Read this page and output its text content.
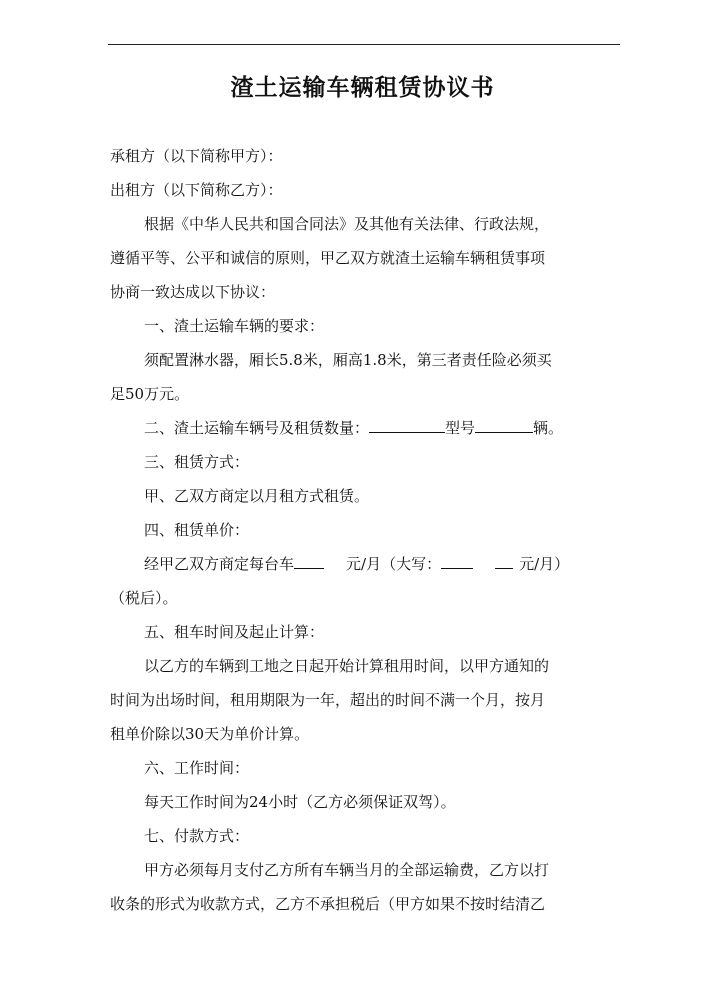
渣土运输车辆租赁协议书
承租方（以下简称甲方）：
出租方（以下简称乙方）：
根据《中华人民共和国合同法》及其他有关法律、行政法规，
遵循平等、公平和诚信的原则，甲乙双方就渣土运输车辆租赁事项
协商一致达成以下协议：
一、渣土运输车辆的要求：
须配置淋水器，厢长5.8米，厢高1.8米，第三者责任险必须买
足50万元。
二、渣土运输车辆号及租赁数量：	型号	辆。
三、租赁方式：
甲、乙双方商定以月租方式租赁。
四、租赁单价：
经甲乙双方商定每台车	元/月（大写：	元/月）
（税后）。
五、租车时间及起止计算：
以乙方的车辆到工地之日起开始计算租用时间，以甲方通知的
时间为出场时间，租用期限为一年，超出的时间不满一个月，按月
租单价除以30天为单价计算。
六、工作时间：
每天工作时间为24小时（乙方必须保证双驾）。
七、付款方式：
甲方必须每月支付乙方所有车辆当月的全部运输费，乙方以打
收条的形式为收款方式，乙方不承担税后（甲方如果不按时结清乙
